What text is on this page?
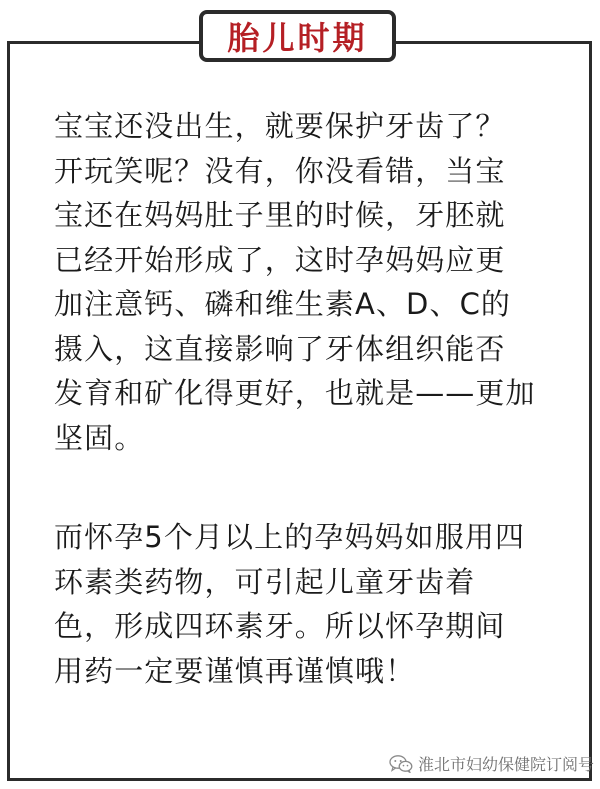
胎儿时期

宝宝还没出生，就要保护牙齿了？
开玩笑呢？没有，你没看错，当宝
宝还在妈妈肚子里的时候，牙胚就
已经开始形成了，这时孕妈妈应更
加注意钙、磷和维生素A、D、C的
摄入，这直接影响了牙体组织能否
发育和矿化得更好，也就是——更加
坚固。

而怀孕5个月以上的孕妈妈如服用四
环素类药物，可引起儿童牙齿着
色，形成四环素牙。所以怀孕期间
用药一定要谨慎再谨慎哦！

淮北市妇幼保健院订阅号
